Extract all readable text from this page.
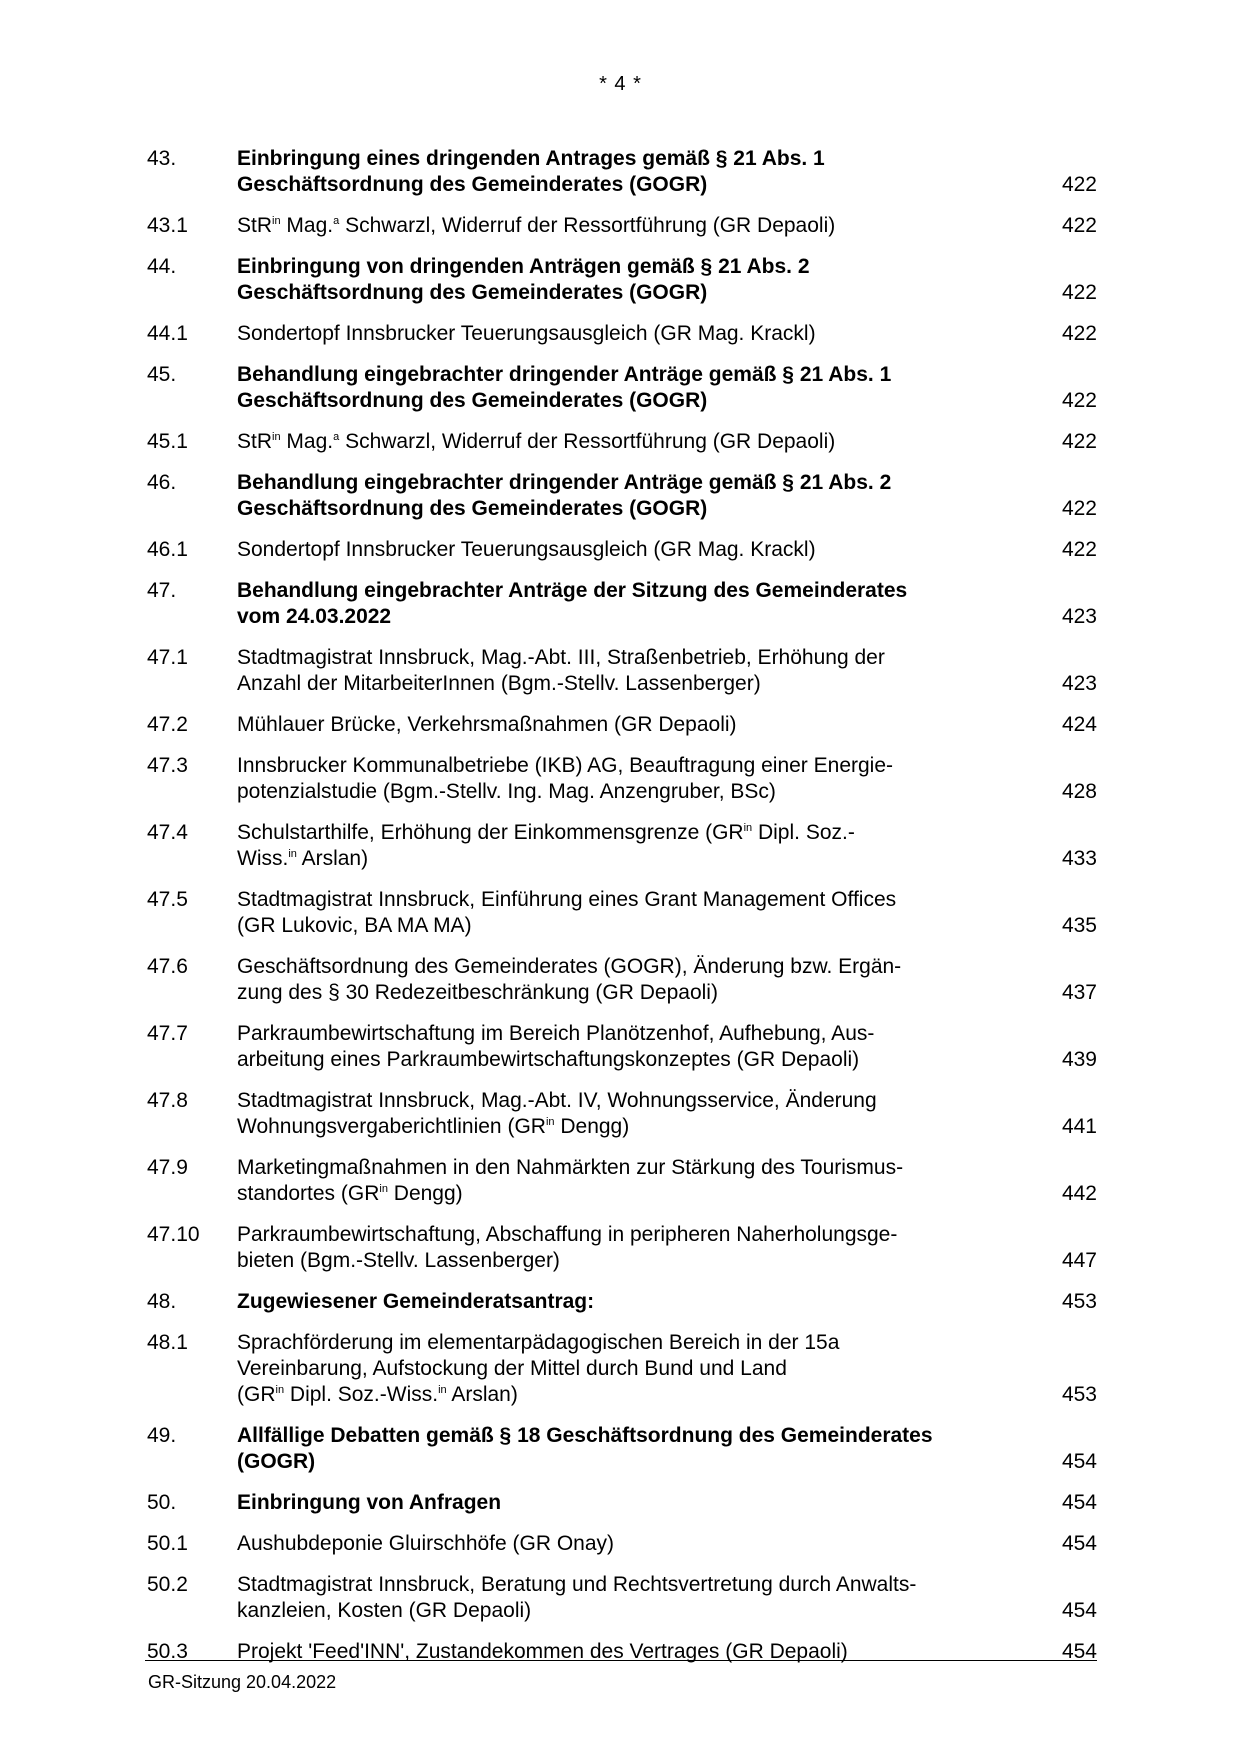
* 4 *
43.	Einbringung eines dringenden Antrages gemäß § 21 Abs. 1
Geschäftsordnung des Gemeinderates (GOGR)	422
43.1	StR$^{in}$ Mag.$^a$ Schwarzl, Widerruf der Ressortführung (GR Depaoli)	422
44.	Einbringung von dringenden Anträgen gemäß § 21 Abs. 2
Geschäftsordnung des Gemeinderates (GOGR)	422
44.1	Sondertopf Innsbrucker Teuerungsausgleich (GR Mag. Krackl)	422
45.	Behandlung eingebrachter dringender Anträge gemäß § 21 Abs. 1
Geschäftsordnung des Gemeinderates (GOGR)	422
45.1	StR$^{in}$ Mag.$^a$ Schwarzl, Widerruf der Ressortführung (GR Depaoli)	422
46.	Behandlung eingebrachter dringender Anträge gemäß § 21 Abs. 2
Geschäftsordnung des Gemeinderates (GOGR)	422
46.1	Sondertopf Innsbrucker Teuerungsausgleich (GR Mag. Krackl)	422
47.	Behandlung eingebrachter Anträge der Sitzung des Gemeinderates
vom 24.03.2022	423
47.1	Stadtmagistrat Innsbruck, Mag.-Abt. III, Straßenbetrieb, Erhöhung der
Anzahl der MitarbeiterInnen (Bgm.-Stellv. Lassenberger)	423
47.2	Mühlauer Brücke, Verkehrsmaßnahmen (GR Depaoli)	424
47.3	Innsbrucker Kommunalbetriebe (IKB) AG, Beauftragung einer Energie-
potenzialstudie (Bgm.-Stellv. Ing. Mag. Anzengruber, BSc)	428
47.4	Schulstarthilfe, Erhöhung der Einkommensgrenze ($GR^{in}$ Dipl. Soz.-
Wiss.$^{in}$ Arslan)	433
47.5	Stadtmagistrat Innsbruck, Einführung eines Grant Management Offices
(GR Lukovic, BA MA MA)	435
47.6	Geschäftsordnung des Gemeinderates (GOGR), Änderung bzw. Ergän-
zung des § 30 Redezeitbeschränkung (GR Depaoli)	437
47.7	Parkraumbewirtschaftung im Bereich Planötzenhof, Aufhebung, Aus-
arbeitung eines Parkraumbewirtschaftungskonzeptes (GR Depaoli)	439
47.8	Stadtmagistrat Innsbruck, Mag.-Abt. IV, Wohnungsservice, Änderung
Wohnungsvergaberichtlinien ($GR^{in}$ Dengg)	441
47.9	Marketingmaßnahmen in den Nahmärkten zur Stärkung des Tourismus-
standortes ($GR^{in}$ Dengg)	442
47.10	Parkraumbewirtschaftung, Abschaffung in peripheren Naherholungsge-
bieten (Bgm.-Stellv. Lassenberger)	447
48.	Zugewiesener Gemeinderatsantrag:	453
48.1	Sprachförderung im elementarpädagogischen Bereich in der 15a
Vereinbarung, Aufstockung der Mittel durch Bund und Land
($GR^{in}$ Dipl. Soz.-Wiss.$^{in}$ Arslan)	453
49.	Allfällige Debatten gemäß § 18 Geschäftsordnung des Gemeinderates
(GOGR)	454
50.	Einbringung von Anfragen	454
50.1	Aushubdeponie Gluirschhöfe (GR Onay)	454
50.2	Stadtmagistrat Innsbruck, Beratung und Rechtsvertretung durch Anwalts-
kanzleien, Kosten (GR Depaoli)	454
50.3	Projekt 'Feed'INN', Zustandekommen des Vertrages (GR Depaoli)	454
GR-Sitzung 20.04.2022
